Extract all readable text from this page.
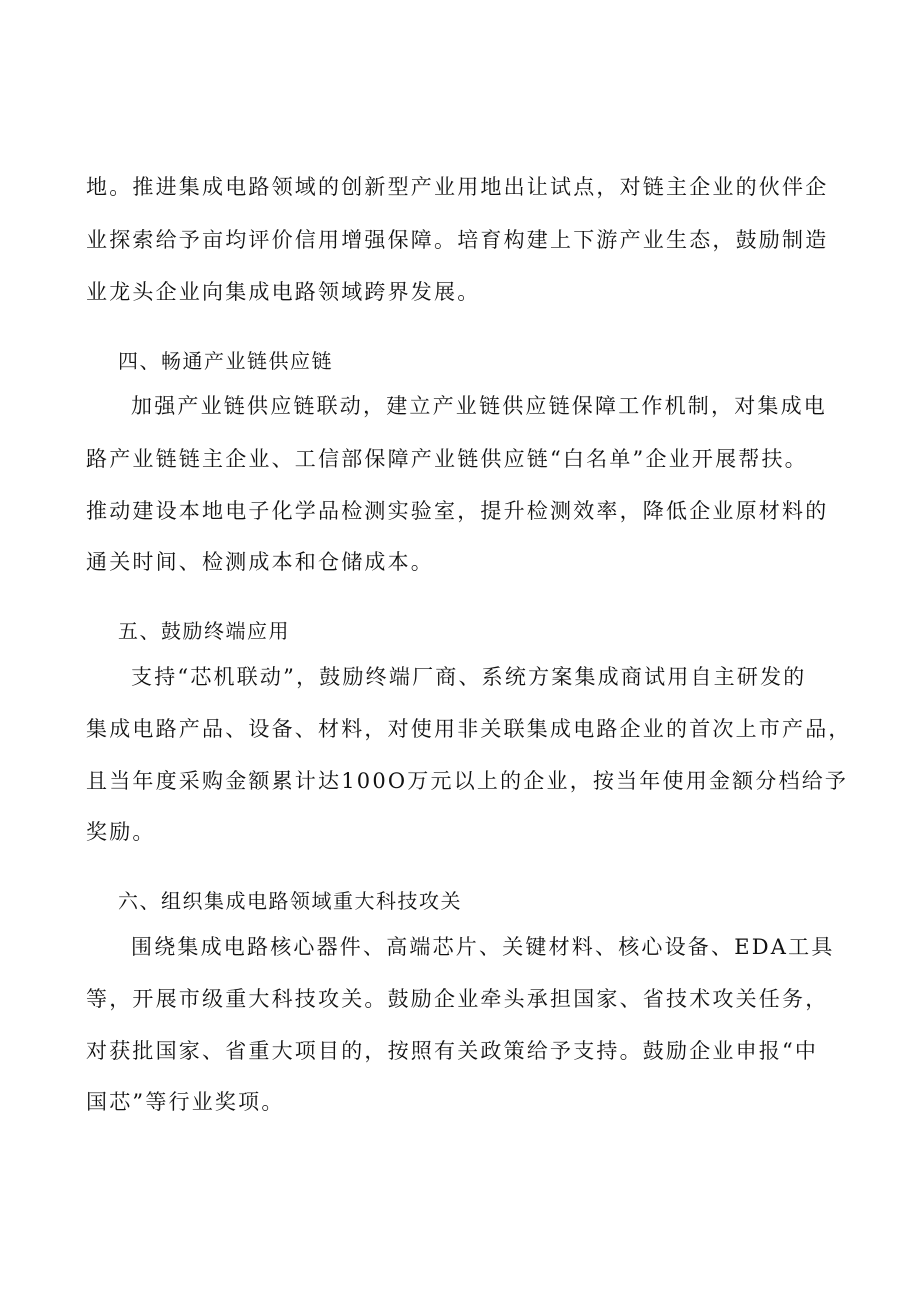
地。推进集成电路领域的创新型产业用地出让试点，对链主企业的伙伴企
业探索给予亩均评价信用增强保障。培育构建上下游产业生态，鼓励制造
业龙头企业向集成电路领域跨界发展。
四、畅通产业链供应链
加强产业链供应链联动，建立产业链供应链保障工作机制，对集成电
路产业链链主企业、工信部保障产业链供应链“白名单”企业开展帮扶。
推动建设本地电子化学品检测实验室，提升检测效率，降低企业原材料的
通关时间、检测成本和仓储成本。
五、鼓励终端应用
支持“芯机联动”，鼓励终端厂商、系统方案集成商试用自主研发的
集成电路产品、设备、材料，对使用非关联集成电路企业的首次上市产品，
且当年度采购金额累计达100O万元以上的企业，按当年使用金额分档给予
奖励。
六、组织集成电路领域重大科技攻关
围绕集成电路核心器件、高端芯片、关键材料、核心设备、EDA工具
等，开展市级重大科技攻关。鼓励企业牵头承担国家、省技术攻关任务，
对获批国家、省重大项目的，按照有关政策给予支持。鼓励企业申报“中
国芯”等行业奖项。
